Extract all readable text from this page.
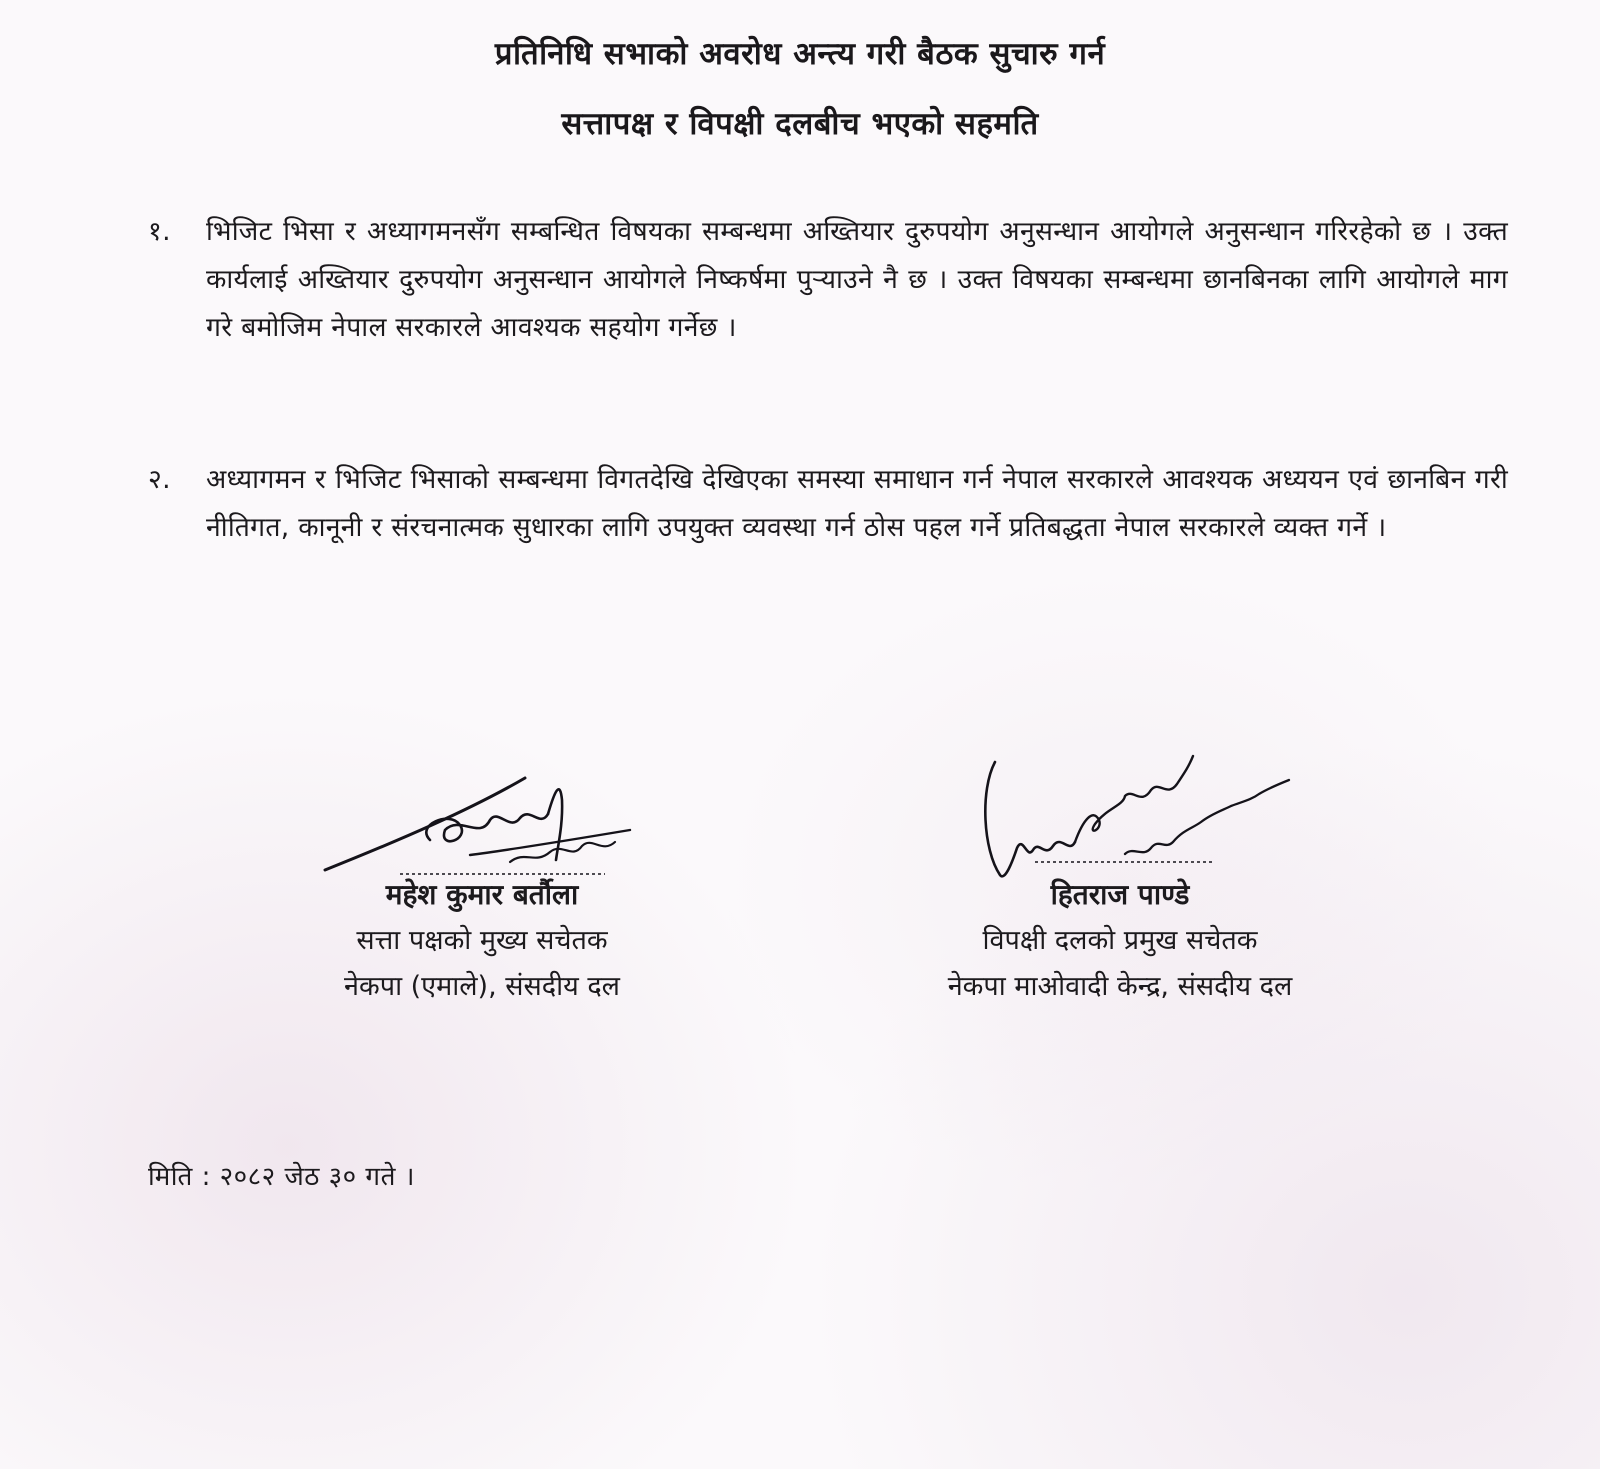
प्रतिनिधि सभाको अवरोध अन्त्य गरी बैठक सुचारु गर्न
सत्तापक्ष र विपक्षी दलबीच भएको सहमति
१. भिजिट भिसा र अध्यागमनसँग सम्बन्धित विषयका सम्बन्धमा अख्तियार दुरुपयोग अनुसन्धान आयोगले अनुसन्धान गरिरहेको छ । उक्त कार्यलाई अख्तियार दुरुपयोग अनुसन्धान आयोगले निष्कर्षमा पुर्‍याउने नै छ । उक्त विषयका सम्बन्धमा छानबिनका लागि आयोगले माग गरे बमोजिम नेपाल सरकारले आवश्यक सहयोग गर्नेछ ।
२. अध्यागमन र भिजिट भिसाको सम्बन्धमा विगतदेखि देखिएका समस्या समाधान गर्न नेपाल सरकारले आवश्यक अध्ययन एवं छानबिन गरी नीतिगत, कानूनी र संरचनात्मक सुधारका लागि उपयुक्त व्यवस्था गर्न ठोस पहल गर्ने प्रतिबद्धता नेपाल सरकारले व्यक्त गर्ने ।
महेश कुमार बर्तौला
सत्ता पक्षको मुख्य सचेतक
नेकपा (एमाले), संसदीय दल
हितराज पाण्डे
विपक्षी दलको प्रमुख सचेतक
नेकपा माओवादी केन्द्र, संसदीय दल
मिति : २०८२ जेठ ३० गते ।
